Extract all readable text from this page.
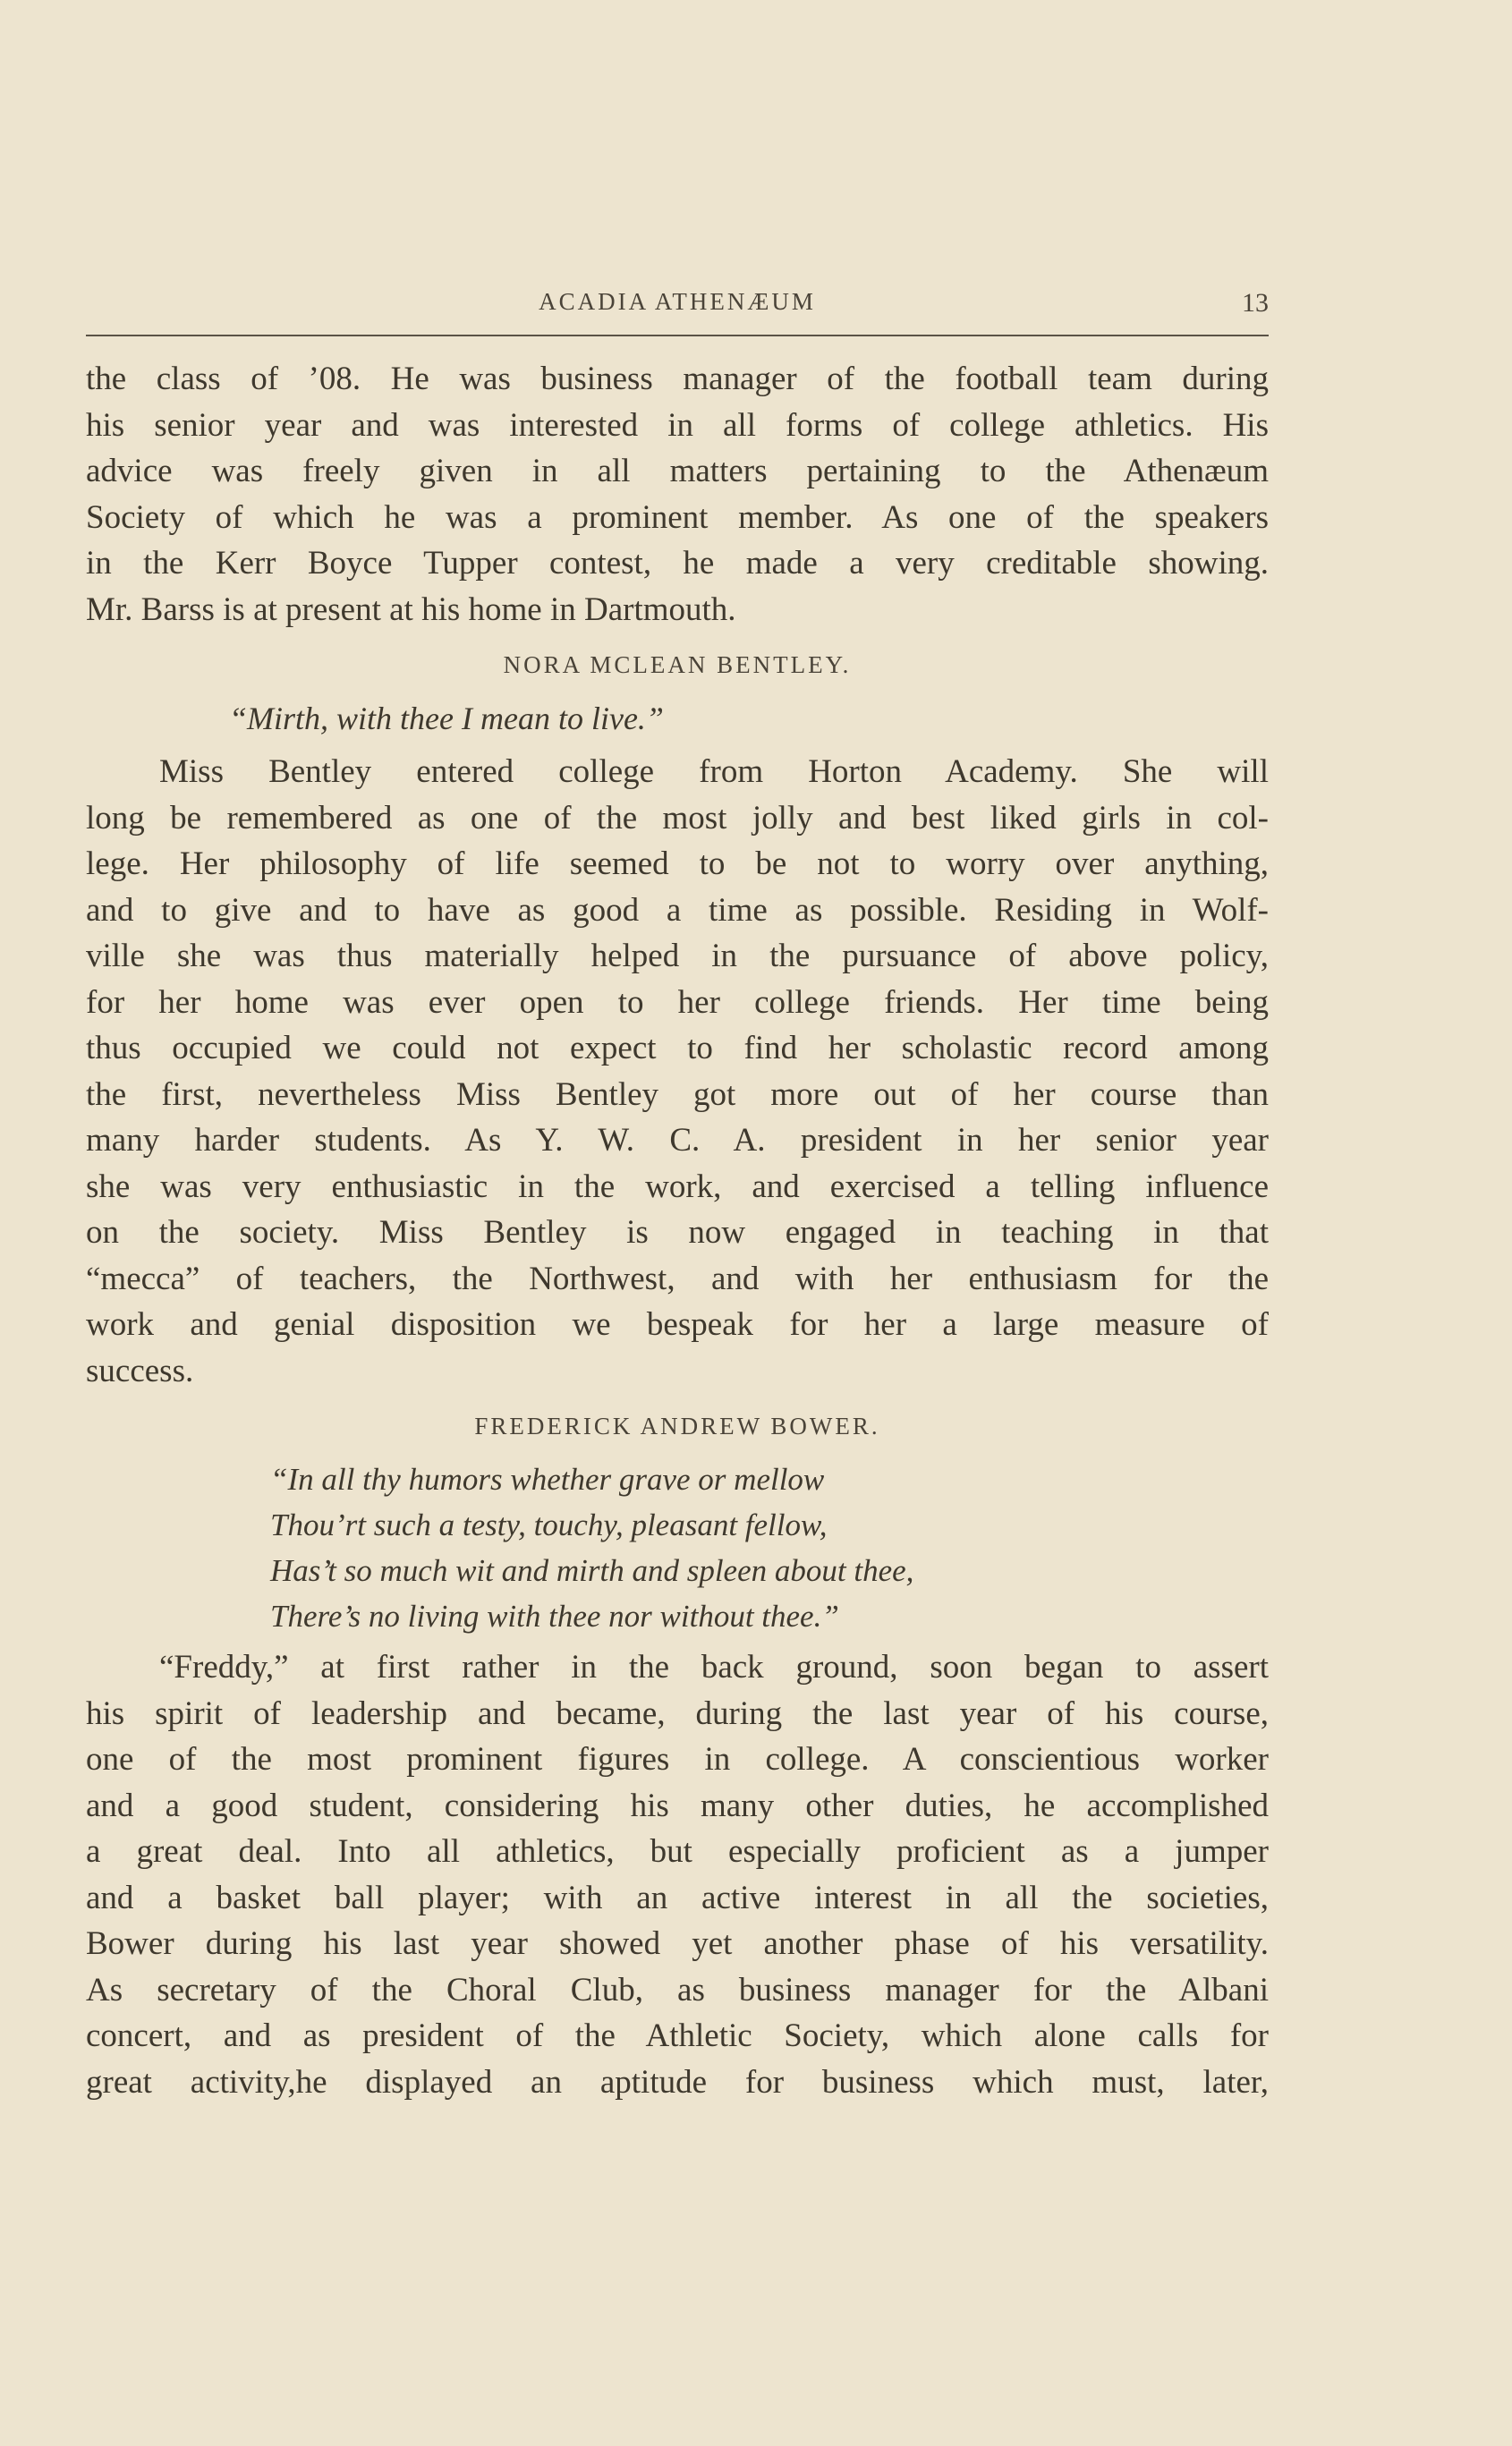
ACADIA ATHENÆUM	13

the class of ’08. He was business manager of the football team during
his senior year and was interested in all forms of college athletics. His
advice was freely given in all matters pertaining to the Athenæum
Society of which he was a prominent member. As one of the speakers
in the Kerr Boyce Tupper contest, he made a very creditable showing.
Mr. Barss is at present at his home in Dartmouth.

NORA MCLEAN BENTLEY.
“Mirth, with thee I mean to live.”

Miss Bentley entered college from Horton Academy. She will
long be remembered as one of the most jolly and best liked girls in col-
lege. Her philosophy of life seemed to be not to worry over anything,
and to give and to have as good a time as possible. Residing in Wolf-
ville she was thus materially helped in the pursuance of above policy,
for her home was ever open to her college friends. Her time being
thus occupied we could not expect to find her scholastic record among
the first, nevertheless Miss Bentley got more out of her course than
many harder students. As Y. W. C. A. president in her senior year
she was very enthusiastic in the work, and exercised a telling influence
on the society. Miss Bentley is now engaged in teaching in that
“mecca” of teachers, the Northwest, and with her enthusiasm for the
work and genial disposition we bespeak for her a large measure of
success.

FREDERICK ANDREW BOWER.
“In all thy humors whether grave or mellow
Thou’rt such a testy, touchy, pleasant fellow,
Has’t so much wit and mirth and spleen about thee,
There’s no living with thee nor without thee.”

“Freddy,” at first rather in the back ground, soon began to assert
his spirit of leadership and became, during the last year of his course,
one of the most prominent figures in college. A conscientious worker
and a good student, considering his many other duties, he accomplished
a great deal. Into all athletics, but especially proficient as a jumper
and a basket ball player; with an active interest in all the societies,
Bower during his last year showed yet another phase of his versatility.
As secretary of the Choral Club, as business manager for the Albani
concert, and as president of the Athletic Society, which alone calls for
great activity,he displayed an aptitude for business which must, later,
